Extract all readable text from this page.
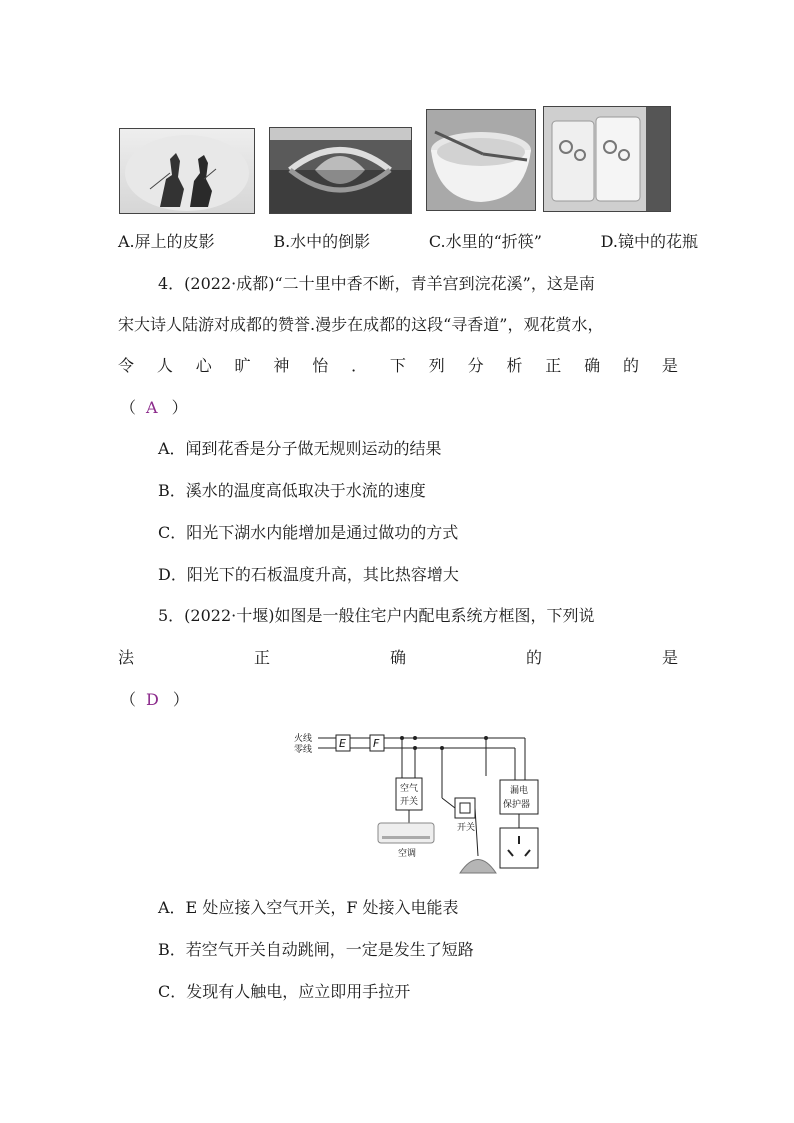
A.屏上的皮影	B.水中的倒影	C.水里的“折筷”	D.镜中的花瓶
4．(2022·成都)“二十里中香不断，青羊宫到浣花溪”，这是南
宋大诗人陆游对成都的赞誉.漫步在成都的这段“寻香道”，观花赏水，
令 人 心 旷 神 怡 ． 下 列 分 析 正 确 的 是
（ A ）
A．闻到花香是分子做无规则运动的结果
B．溪水的温度高低取决于水流的速度
C．阳光下湖水内能增加是通过做功的方式
D．阳光下的石板温度升高，其比热容增大
5．(2022·十堰)如图是一般住宅户内配电系统方框图，下列说
法	正	确	的	是
（ D ）
火线
零线 E F
空气
开关
空调
开关
漏电
保护器
A．E 处应接入空气开关，F 处接入电能表
B．若空气开关自动跳闸，一定是发生了短路
C．发现有人触电，应立即用手拉开
